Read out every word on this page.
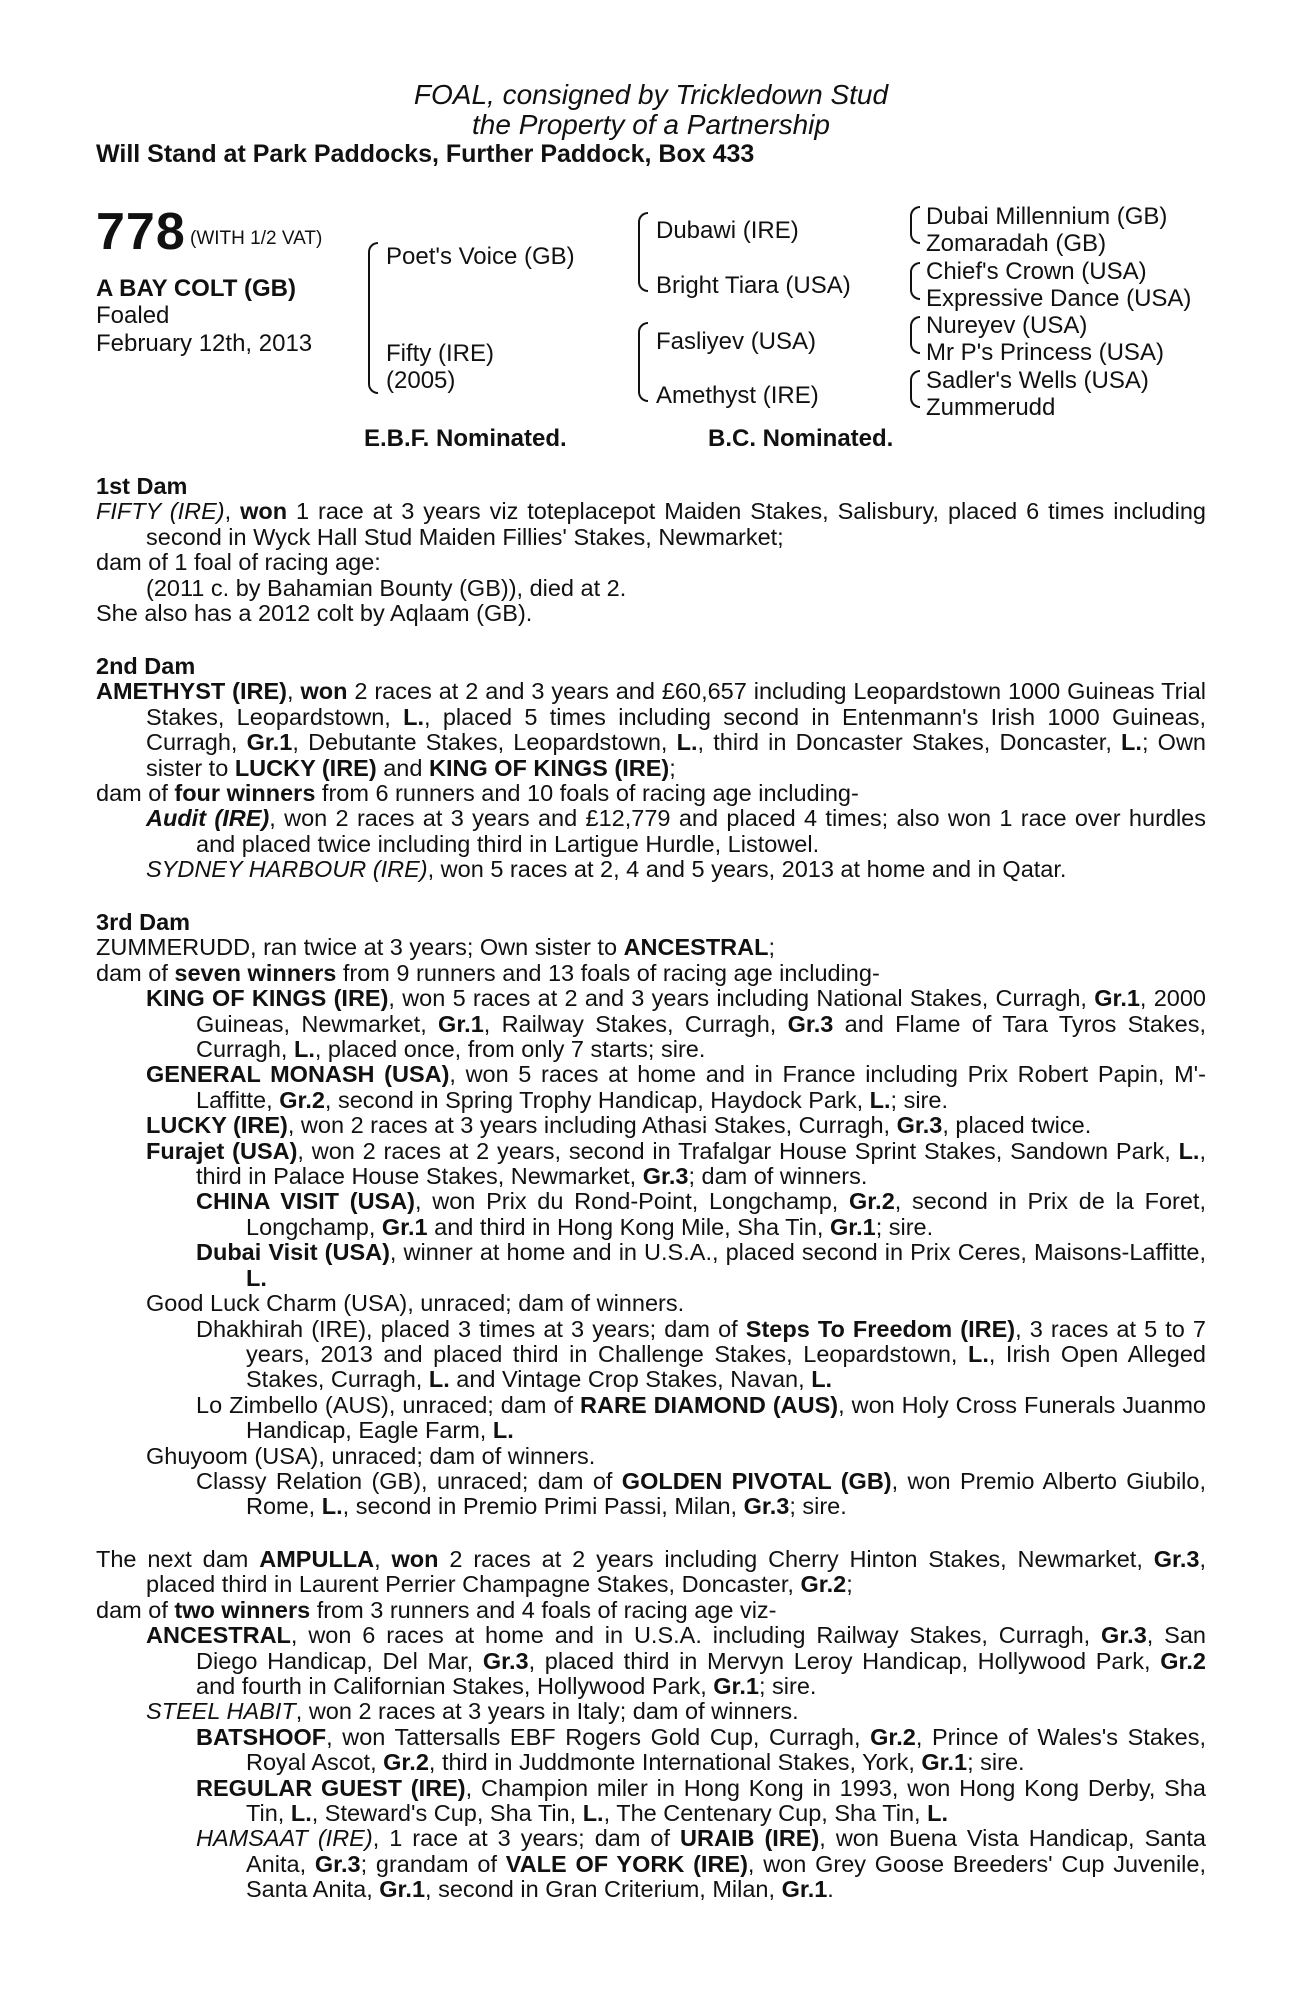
FOAL, consigned by Trickledown Stud
the Property of a Partnership
Will Stand at Park Paddocks, Further Paddock, Box 433
778 (WITH 1/2 VAT)
A BAY COLT (GB)
Foaled
February 12th, 2013
Poet's Voice (GB)
Fifty (IRE)
(2005)
Dubawi (IRE)
Bright Tiara (USA)
Fasliyev (USA)
Amethyst (IRE)
Dubai Millennium (GB)
Zomaradah (GB)
Chief's Crown (USA)
Expressive Dance (USA)
Nureyev (USA)
Mr P's Princess (USA)
Sadler's Wells (USA)
Zummerudd
E.B.F. Nominated.	B.C. Nominated.

1st Dam

FIFTY (IRE), won 1 race at 3 years viz toteplacepot Maiden Stakes, Salisbury, placed 6 times including second in Wyck Hall Stud Maiden Fillies' Stakes, Newmarket;

dam of 1 foal of racing age:

(2011 c. by Bahamian Bounty (GB)), died at 2.

She also has a 2012 colt by Aqlaam (GB).

2nd Dam

AMETHYST (IRE), won 2 races at 2 and 3 years and £60,657 including Leopardstown 1000 Guineas Trial Stakes, Leopardstown, L., placed 5 times including second in Entenmann's Irish 1000 Guineas, Curragh, Gr.1, Debutante Stakes, Leopardstown, L., third in Doncaster Stakes, Doncaster, L.; Own sister to LUCKY (IRE) and KING OF KINGS (IRE);

dam of four winners from 6 runners and 10 foals of racing age including-

Audit (IRE), won 2 races at 3 years and £12,779 and placed 4 times; also won 1 race over hurdles and placed twice including third in Lartigue Hurdle, Listowel.

SYDNEY HARBOUR (IRE), won 5 races at 2, 4 and 5 years, 2013 at home and in Qatar.

3rd Dam

ZUMMERUDD, ran twice at 3 years; Own sister to ANCESTRAL;

dam of seven winners from 9 runners and 13 foals of racing age including-

KING OF KINGS (IRE), won 5 races at 2 and 3 years including National Stakes, Curragh, Gr.1, 2000 Guineas, Newmarket, Gr.1, Railway Stakes, Curragh, Gr.3 and Flame of Tara Tyros Stakes, Curragh, L., placed once, from only 7 starts; sire.

GENERAL MONASH (USA), won 5 races at home and in France including Prix Robert Papin, M'-Laffitte, Gr.2, second in Spring Trophy Handicap, Haydock Park, L.; sire.

LUCKY (IRE), won 2 races at 3 years including Athasi Stakes, Curragh, Gr.3, placed twice.

Furajet (USA), won 2 races at 2 years, second in Trafalgar House Sprint Stakes, Sandown Park, L., third in Palace House Stakes, Newmarket, Gr.3; dam of winners.

CHINA VISIT (USA), won Prix du Rond-Point, Longchamp, Gr.2, second in Prix de la Foret, Longchamp, Gr.1 and third in Hong Kong Mile, Sha Tin, Gr.1; sire.

Dubai Visit (USA), winner at home and in U.S.A., placed second in Prix Ceres, Maisons-Laffitte, L.

Good Luck Charm (USA), unraced; dam of winners.

Dhakhirah (IRE), placed 3 times at 3 years; dam of Steps To Freedom (IRE), 3 races at 5 to 7 years, 2013 and placed third in Challenge Stakes, Leopardstown, L., Irish Open Alleged Stakes, Curragh, L. and Vintage Crop Stakes, Navan, L.

Lo Zimbello (AUS), unraced; dam of RARE DIAMOND (AUS), won Holy Cross Funerals Juanmo Handicap, Eagle Farm, L.

Ghuyoom (USA), unraced; dam of winners.

Classy Relation (GB), unraced; dam of GOLDEN PIVOTAL (GB), won Premio Alberto Giubilo, Rome, L., second in Premio Primi Passi, Milan, Gr.3; sire.

The next dam AMPULLA, won 2 races at 2 years including Cherry Hinton Stakes, Newmarket, Gr.3, placed third in Laurent Perrier Champagne Stakes, Doncaster, Gr.2;

dam of two winners from 3 runners and 4 foals of racing age viz-

ANCESTRAL, won 6 races at home and in U.S.A. including Railway Stakes, Curragh, Gr.3, San Diego Handicap, Del Mar, Gr.3, placed third in Mervyn Leroy Handicap, Hollywood Park, Gr.2 and fourth in Californian Stakes, Hollywood Park, Gr.1; sire.

STEEL HABIT, won 2 races at 3 years in Italy; dam of winners.

BATSHOOF, won Tattersalls EBF Rogers Gold Cup, Curragh, Gr.2, Prince of Wales's Stakes, Royal Ascot, Gr.2, third in Juddmonte International Stakes, York, Gr.1; sire.

REGULAR GUEST (IRE), Champion miler in Hong Kong in 1993, won Hong Kong Derby, Sha Tin, L., Steward's Cup, Sha Tin, L., The Centenary Cup, Sha Tin, L.

HAMSAAT (IRE), 1 race at 3 years; dam of URAIB (IRE), won Buena Vista Handicap, Santa Anita, Gr.3; grandam of VALE OF YORK (IRE), won Grey Goose Breeders' Cup Juvenile, Santa Anita, Gr.1, second in Gran Criterium, Milan, Gr.1.
